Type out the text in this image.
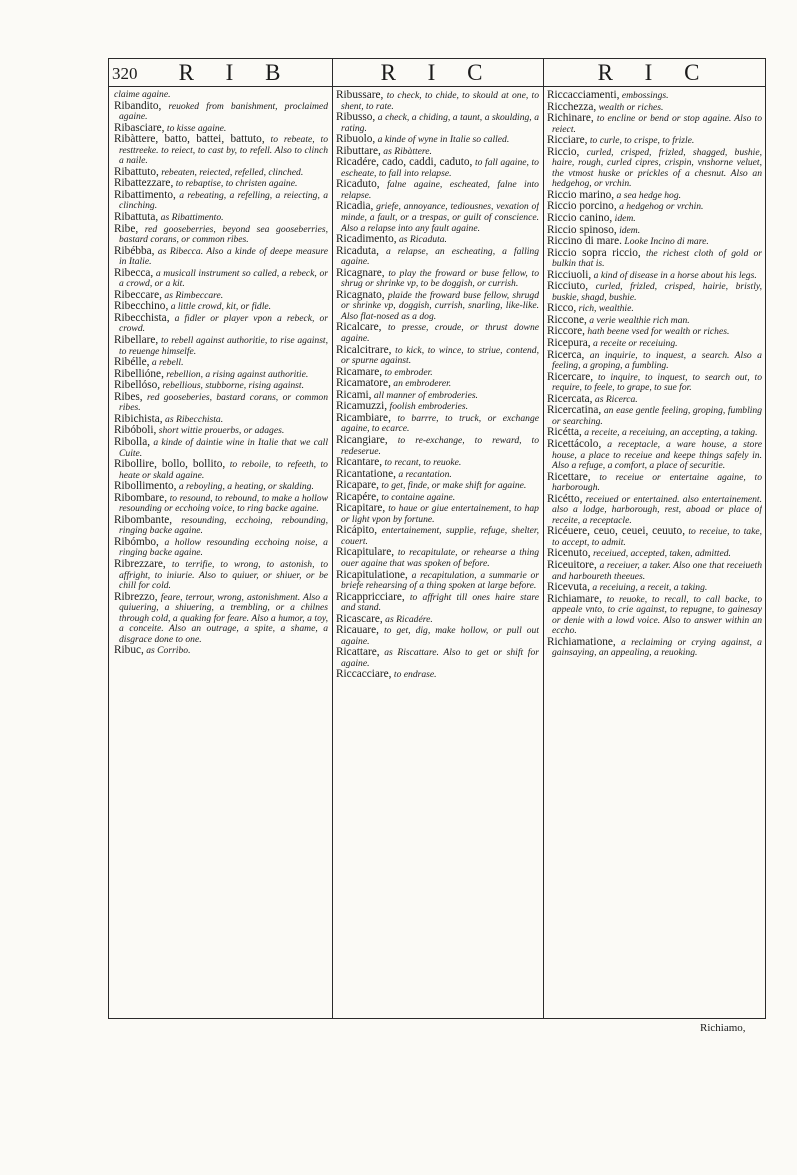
320	R I B	R I C	R I C

claime againe.

Ribandito, reuoked from banishment, proclaimed againe.

Ribasciare, to kisse againe.

Ribàttere, batto, battei, battuto, to rebeate, to resttreeke. to reiect, to cast by, to refell. Also to clinch a naile.

Ribattuto, rebeaten, reiected, refelled, clinched.

Ribattezzare, to rebaptise, to christen againe.

Ribattimento, a rebeating, a refelling, a reiecting, a clinching.

Ribattuta, as Ribattimento.

Ribe, red gooseberries, beyond sea gooseberries, bastard corans, or common ribes.

Ribébba, as Ribecca. Also a kinde of deepe measure in Italie.

Ribecca, a musicall instrument so called, a rebeck, or a crowd, or a kit.

Ribeccare, as Rimbeccare.

Ribecchino, a little crowd, kit, or fidle.

Ribecchista, a fidler or player vpon a rebeck, or crowd.

Ribellare, to rebell against authoritie, to rise against, to reuenge himselfe.

Ribélle, a rebell.

Ribellióne, rebellion, a rising against authoritie.

Ribellóso, rebellious, stubborne, rising against.

Ribes, red gooseberies, bastard corans, or common ribes.

Ribichista, as Ribecchista.

Ribóboli, short wittie prouerbs, or adages.

Ribolla, a kinde of daintie wine in Italie that we call Cuite.

Ribollire, bollo, bollito, to reboile, to refeeth, to heate or skald againe.

Ribollimento, a reboyling, a heating, or skalding.

Ribombare, to resound, to rebound, to make a hollow resounding or ecchoing voice, to ring backe againe.

Ribombante, resounding, ecchoing, rebounding, ringing backe againe.

Ribómbo, a hollow resounding ecchoing noise, a ringing backe againe.

Ribrezzare, to terrifie, to wrong, to astonish, to affright, to iniurie. Also to quiuer, or shiuer, or be chill for cold.

Ribrezzo, feare, terrour, wrong, astonishment. Also a quiuering, a shiuering, a trembling, or a chilnes through cold, a quaking for feare. Also a humor, a toy, a conceite. Also an outrage, a spite, a shame, a disgrace done to one.

Ribuc, as Corribo.

Ribussare, to check, to chide, to skould at one, to shent, to rate.

Ribusso, a check, a chiding, a taunt, a skoulding, a rating.

Ribuolo, a kinde of wyne in Italie so called.

Ributtare, as Ribàttere.

Ricadére, cado, caddi, caduto, to fall againe, to escheate, to fall into relapse.

Ricaduto, falne againe, escheated, falne into relapse.

Ricadia, griefe, annoyance, tediousnes, vexation of minde, a fault, or a trespas, or guilt of conscience. Also a relapse into any fault againe.

Ricadimento, as Ricaduta.

Ricaduta, a relapse, an escheating, a falling againe.

Ricagnare, to play the froward or buse fellow, to shrug or shrinke vp, to be doggish, or currish.

Ricagnato, plaide the froward buse fellow, shrugd or shrinke vp, doggish, currish, snarling, like-like. Also flat-nosed as a dog.

Ricalcare, to presse, croude, or thrust downe againe.

Ricalcitrare, to kick, to wince, to striue, contend, or spurne against.

Ricamare, to embroder.

Ricamatore, an embroderer.

Ricami, all manner of embroderies.

Ricamuzzi, foolish embroderies.

Ricambiare, to barrre, to truck, or exchange againe, to ecarce.

Ricangiare, to re-exchange, to reward, to redeserue.

Ricantare, to recant, to reuoke.

Ricantatione, a recantation.

Ricapare, to get, finde, or make shift for againe.

Ricapére, to containe againe.

Ricapitare, to haue or giue entertainement, to hap or light vpon by fortune.

Ricápito, entertainement, supplie, refuge, shelter, couert.

Ricapitulare, to recapitulate, or rehearse a thing ouer againe that was spoken of before.

Ricapitulatione, a recapitulation, a summarie or briefe rehearsing of a thing spoken at large before.

Ricappricciare, to affright till ones haire stare and stand.

Ricascare, as Ricadére.

Ricauare, to get, dig, make hollow, or pull out againe.

Ricattare, as Riscattare. Also to get or shift for againe.

Riccacciare, to endrase.

Riccacciamenti, embossings.

Ricchezza, wealth or riches.

Richinare, to encline or bend or stop againe. Also to reiect.

Ricciare, to curle, to crispe, to frizle.

Riccio, curled, crisped, frizled, shagged, bushie, haire, rough, curled cipres, crispin, vnshorne veluet, the vtmost huske or prickles of a chesnut. Also an hedgehog, or vrchin.

Riccio marino, a sea hedge hog.

Riccio porcino, a hedgehog or vrchin.

Riccio canino, idem.

Riccio spinoso, idem.

Riccino di mare. Looke Incino di mare.

Riccio sopra riccio, the richest cloth of gold or bulkin that is.

Ricciuoli, a kind of disease in a horse about his legs.

Ricciuto, curled, frizled, crisped, hairie, bristly, buskie, shagd, bushie.

Ricco, rich, wealthie.

Riccone, a verie wealthie rich man.

Riccore, hath beene vsed for wealth or riches.

Ricepura, a receite or receiuing.

Ricerca, an inquirie, to inquest, a search. Also a feeling, a groping, a fumbling.

Ricercare, to inquire, to inquest, to search out, to require, to feele, to grape, to sue for.

Ricercata, as Ricerca.

Ricercatina, an ease gentle feeling, groping, fumbling or searching.

Ricétta, a receite, a receiuing, an accepting, a taking.

Ricettácolo, a receptacle, a ware house, a store house, a place to receiue and keepe things safely in. Also a refuge, a comfort, a place of securitie.

Ricettare, to receiue or entertaine againe, to harborough.

Ricétto, receiued or entertained. also entertainement. also a lodge, harborough, rest, aboad or place of receite, a receptacle.

Ricéuere, ceuo, ceuei, ceuuto, to receiue, to take, to accept, to admit.

Ricenuto, receiued, accepted, taken, admitted.

Riceuitore, a receiuer, a taker. Also one that receiueth and harboureth theeues.

Ricevuta, a receiuing, a receit, a taking.

Richiamare, to reuoke, to recall, to call backe, to appeale vnto, to crie against, to repugne, to gainesay or denie with a lowd voice. Also to answer within an eccho.

Richiamatione, a reclaiming or crying against, a gainsaying, an appealing, a reuoking.

Richiamo,
